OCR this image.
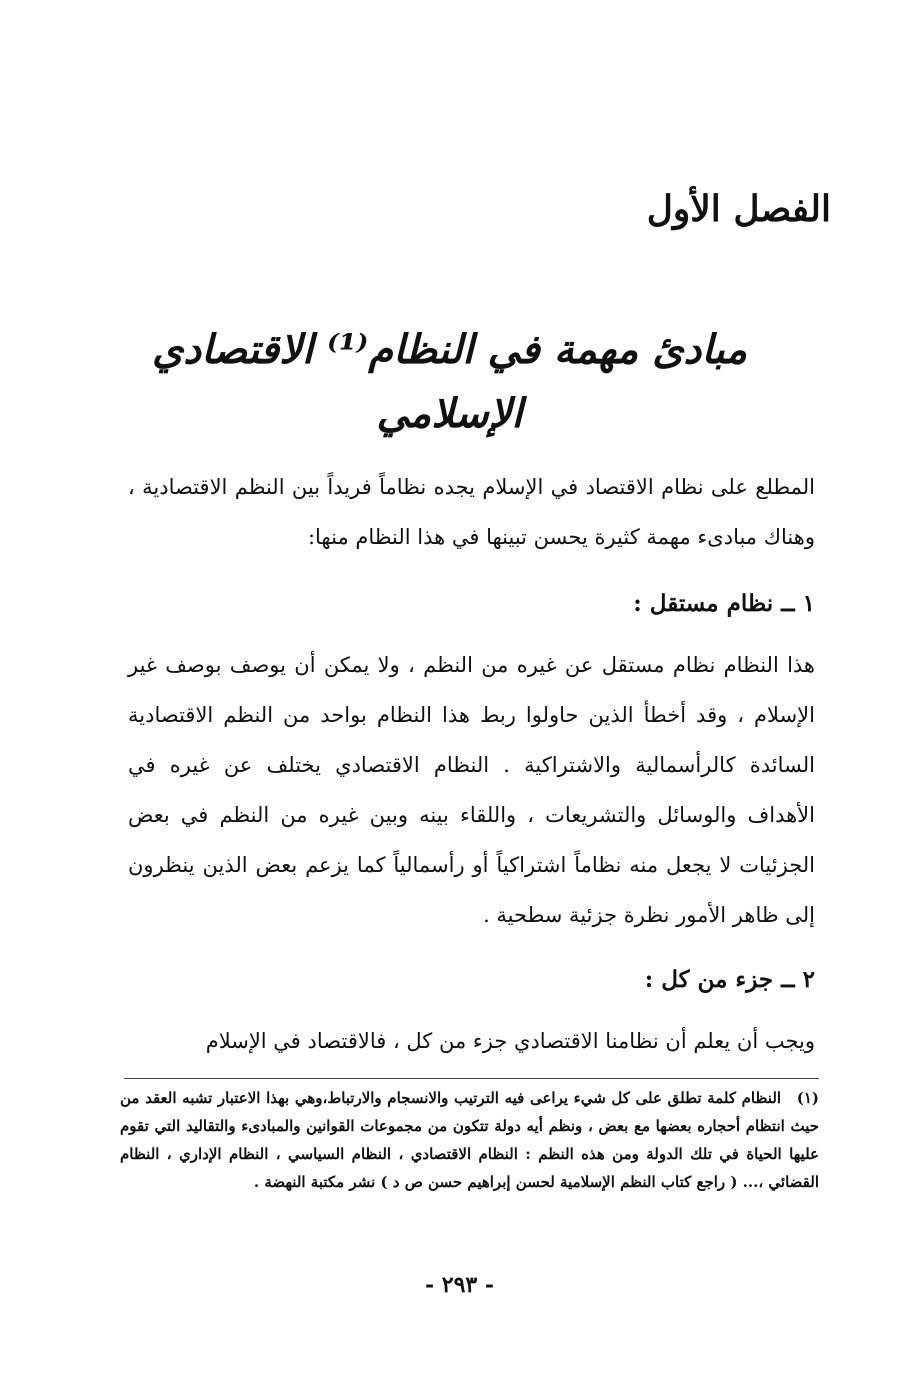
الفصل الأول
مبادئ مهمة في النظام⁽¹⁾ الاقتصادي الإسلامي
المطلع على نظام الاقتصاد في الإسلام يجده نظاماً فريداً بين النظم الاقتصادية ، وهناك مبادىء مهمة كثيرة يحسن تبينها في هذا النظام منها:
١ ــ نظام مستقل :
هذا النظام نظام مستقل عن غيره من النظم ، ولا يمكن أن يوصف بوصف غير الإسلام ، وقد أخطأ الذين حاولوا ربط هذا النظام بواحد من النظم الاقتصادية السائدة كالرأسمالية والاشتراكية . النظام الاقتصادي يختلف عن غيره في الأهداف والوسائل والتشريعات ، واللقاء بينه وبين غيره من النظم في بعض الجزئيات لا يجعل منه نظاماً اشتراكياً أو رأسمالياً كما يزعم بعض الذين ينظرون إلى ظاهر الأمور نظرة جزئية سطحية .
٢ ــ جزء من كل :
ويجب أن يعلم أن نظامنا الاقتصادي جزء من كل ، فالاقتصاد في الإسلام
(١) النظام كلمة تطلق على كل شيء يراعى فيه الترتيب والانسجام والارتباط،وهي بهذا الاعتبار تشبه العقد من حيث انتظام أحجاره بعضها مع بعض ، ونظم أيه دولة تتكون من مجموعات القوانين والمبادىء والتقاليد التي تقوم عليها الحياة في تلك الدولة ومن هذه النظم : النظام الاقتصادي ، النظام السياسي ، النظام الإداري ، النظام القضائي ،... ( راجع كتاب النظم الإسلامية لحسن إبراهيم حسن ص د ) نشر مكتبة النهضة .
- ٢٩٣ -
